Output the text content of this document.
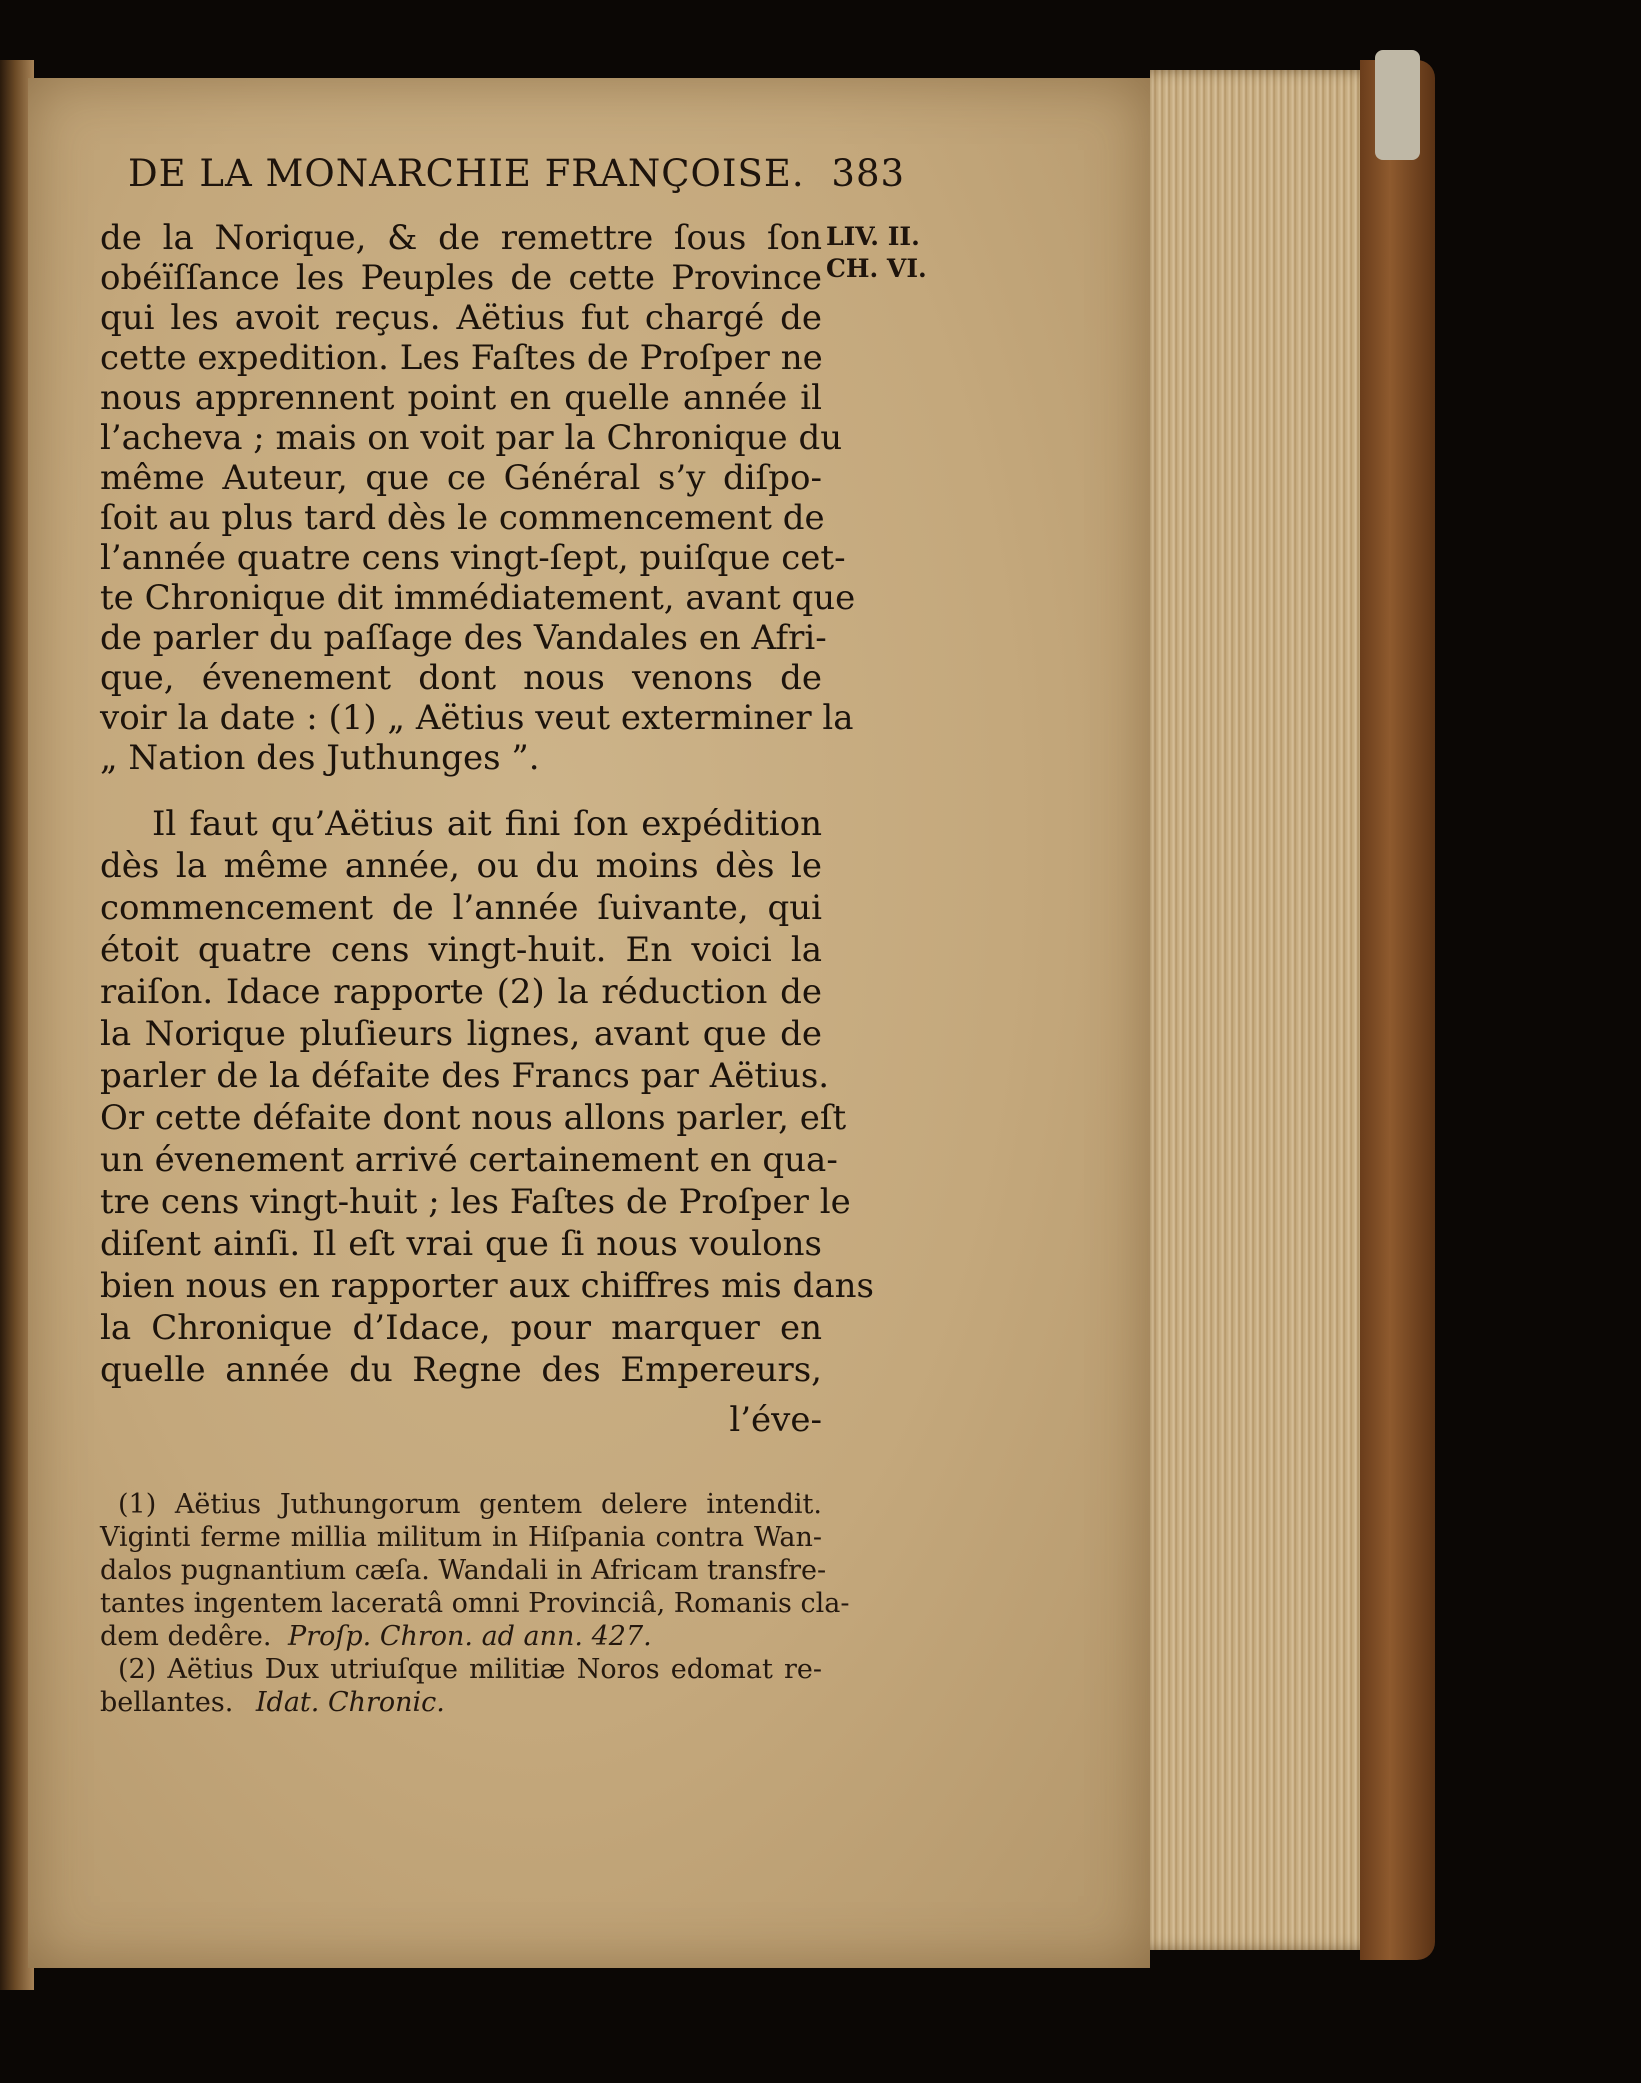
DE LA MONARCHIE FRANÇOISE. 383
LIV. II.
CH. VI.
de la Norique, & de remettre ſous ſon
obéïſſance les Peuples de cette Province
qui les avoit reçus. Aëtius fut chargé de
cette expedition. Les Faſtes de Proſper ne
nous apprennent point en quelle année il
l’acheva ; mais on voit par la Chronique du
même Auteur, que ce Général s’y diſpo-
ſoit au plus tard dès le commencement de
l’année quatre cens vingt-ſept, puiſque cet-
te Chronique dit immédiatement, avant que
de parler du paſſage des Vandales en Afri-
que, évenement dont nous venons de
voir la date : (1) „ Aëtius veut exterminer la
„ Nation des Juthunges ”.
Il faut qu’Aëtius ait fini ſon expédition
dès la même année, ou du moins dès le
commencement de l’année ſuivante, qui
étoit quatre cens vingt-huit. En voici la
raiſon. Idace rapporte (2) la réduction de
la Norique pluſieurs lignes, avant que de
parler de la défaite des Francs par Aëtius.
Or cette défaite dont nous allons parler, eſt
un évenement arrivé certainement en qua-
tre cens vingt-huit ; les Faſtes de Proſper le
diſent ainſi. Il eſt vrai que ſi nous voulons
bien nous en rapporter aux chiffres mis dans
la Chronique d’Idace, pour marquer en
quelle année du Regne des Empereurs,
l’éve-
(1) Aëtius Juthungorum gentem delere intendit.
Viginti ferme millia militum in Hiſpania contra Wan-
dalos pugnantium cæſa. Wandali in Africam transfre-
tantes ingentem laceratâ omni Provinciâ, Romanis cla-
dem dedêre. Proſp. Chron. ad ann. 427.
(2) Aëtius Dux utriuſque militiæ Noros edomat re-
bellantes. Idat. Chronic.
